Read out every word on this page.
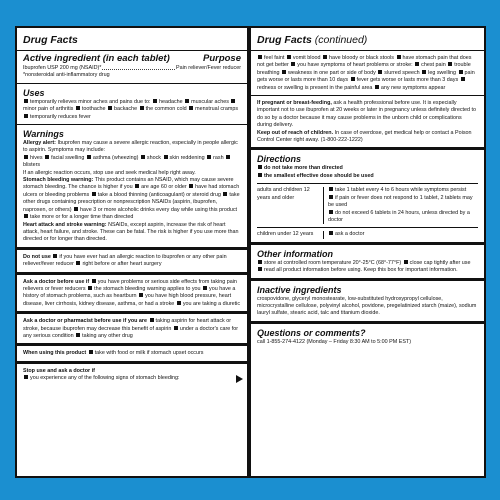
Drug Facts
Active ingredient (in each tablet)	Purpose
Ibuprofen USP 200 mg (NSAID)*	Pain reliever/Fever reducer
*nonsteroidal anti-inflammatory drug
Uses
temporarily relieves minor aches and pains due to: headache muscular aches minor pain of arthritis toothache backache the common cold menstrual cramps temporarily reduces fever
Warnings
Allergy alert: Ibuprofen may cause a severe allergic reaction, especially in people allergic to aspirin. Symptoms may include:
hives facial swelling asthma (wheezing) shock skin reddening rash blisters
If an allergic reaction occurs, stop use and seek medical help right away.
Stomach bleeding warning: This product contains an NSAID, which may cause severe stomach bleeding. The chance is higher if you are age 60 or older have had stomach ulcers or bleeding problems take a blood thinning (anticoagulant) or steroid drug take other drugs containing prescription or nonprescription NSAIDs (aspirin, ibuprofen, naproxen, or others) have 3 or more alcoholic drinks every day while using this product take more or for a longer time than directed
Heart attack and stroke warning: NSAIDs, except aspirin, increase the risk of heart attack, heart failure, and stroke. These can be fatal. The risk is higher if you use more than directed or for longer than directed.
Do not use if you have ever had an allergic reaction to ibuprofen or any other pain reliever/fever reducer right before or after heart surgery
Ask a doctor before use if you have problems or serious side effects from taking pain relievers or fever reducers the stomach bleeding warning applies to you you have a history of stomach problems, such as heartburn you have high blood pressure, heart disease, liver cirrhosis, kidney disease, asthma, or had a stroke you are taking a diuretic
Ask a doctor or pharmacist before use if you are taking aspirin for heart attack or stroke, because ibuprofen may decrease this benefit of aspirin under a doctor's care for any serious condition taking any other drug
When using this product take with food or milk if stomach upset occurs
Stop use and ask a doctor if
you experience any of the following signs of stomach bleeding:
Drug Facts (continued)
feel faint vomit blood have bloody or black stools have stomach pain that does not get better you have symptoms of heart problems or stroke: chest pain trouble breathing weakness in one part or side of body slurred speech leg swelling pain gets worse or lasts more than 10 days fever gets worse or lasts more than 3 days redness or swelling is present in the painful area any new symptoms appear
If pregnant or breast-feeding, ask a health professional before use. It is especially important not to use ibuprofen at 20 weeks or later in pregnancy unless definitely directed to do so by a doctor because it may cause problems in the unborn child or complications during delivery.
Keep out of reach of children. In case of overdose, get medical help or contact a Poison Control Center right away. (1-800-222-1222)
Directions
do not take more than directed
the smallest effective dose should be used
adults and children 12 years and older
take 1 tablet every 4 to 6 hours while symptoms persist
if pain or fever does not respond to 1 tablet, 2 tablets may be used
do not exceed 6 tablets in 24 hours, unless directed by a doctor
children under 12 years	ask a doctor
Other information
store at controlled room temperature 20°-25°C (68°-77°F) close cap tightly after use read all product information before using. Keep this box for important information.
Inactive ingredients
crospovidone, glyceryl monostearate, low-substituted hydroxypropyl cellulose, microcrystalline cellulose, polyvinyl alcohol, povidone, pregelatinized starch (maize), sodium lauryl sulfate, stearic acid, talc and titanium dioxide.
Questions or comments?
call 1-855-274-4122 (Monday – Friday 8:30 AM to 5:00 PM EST)
